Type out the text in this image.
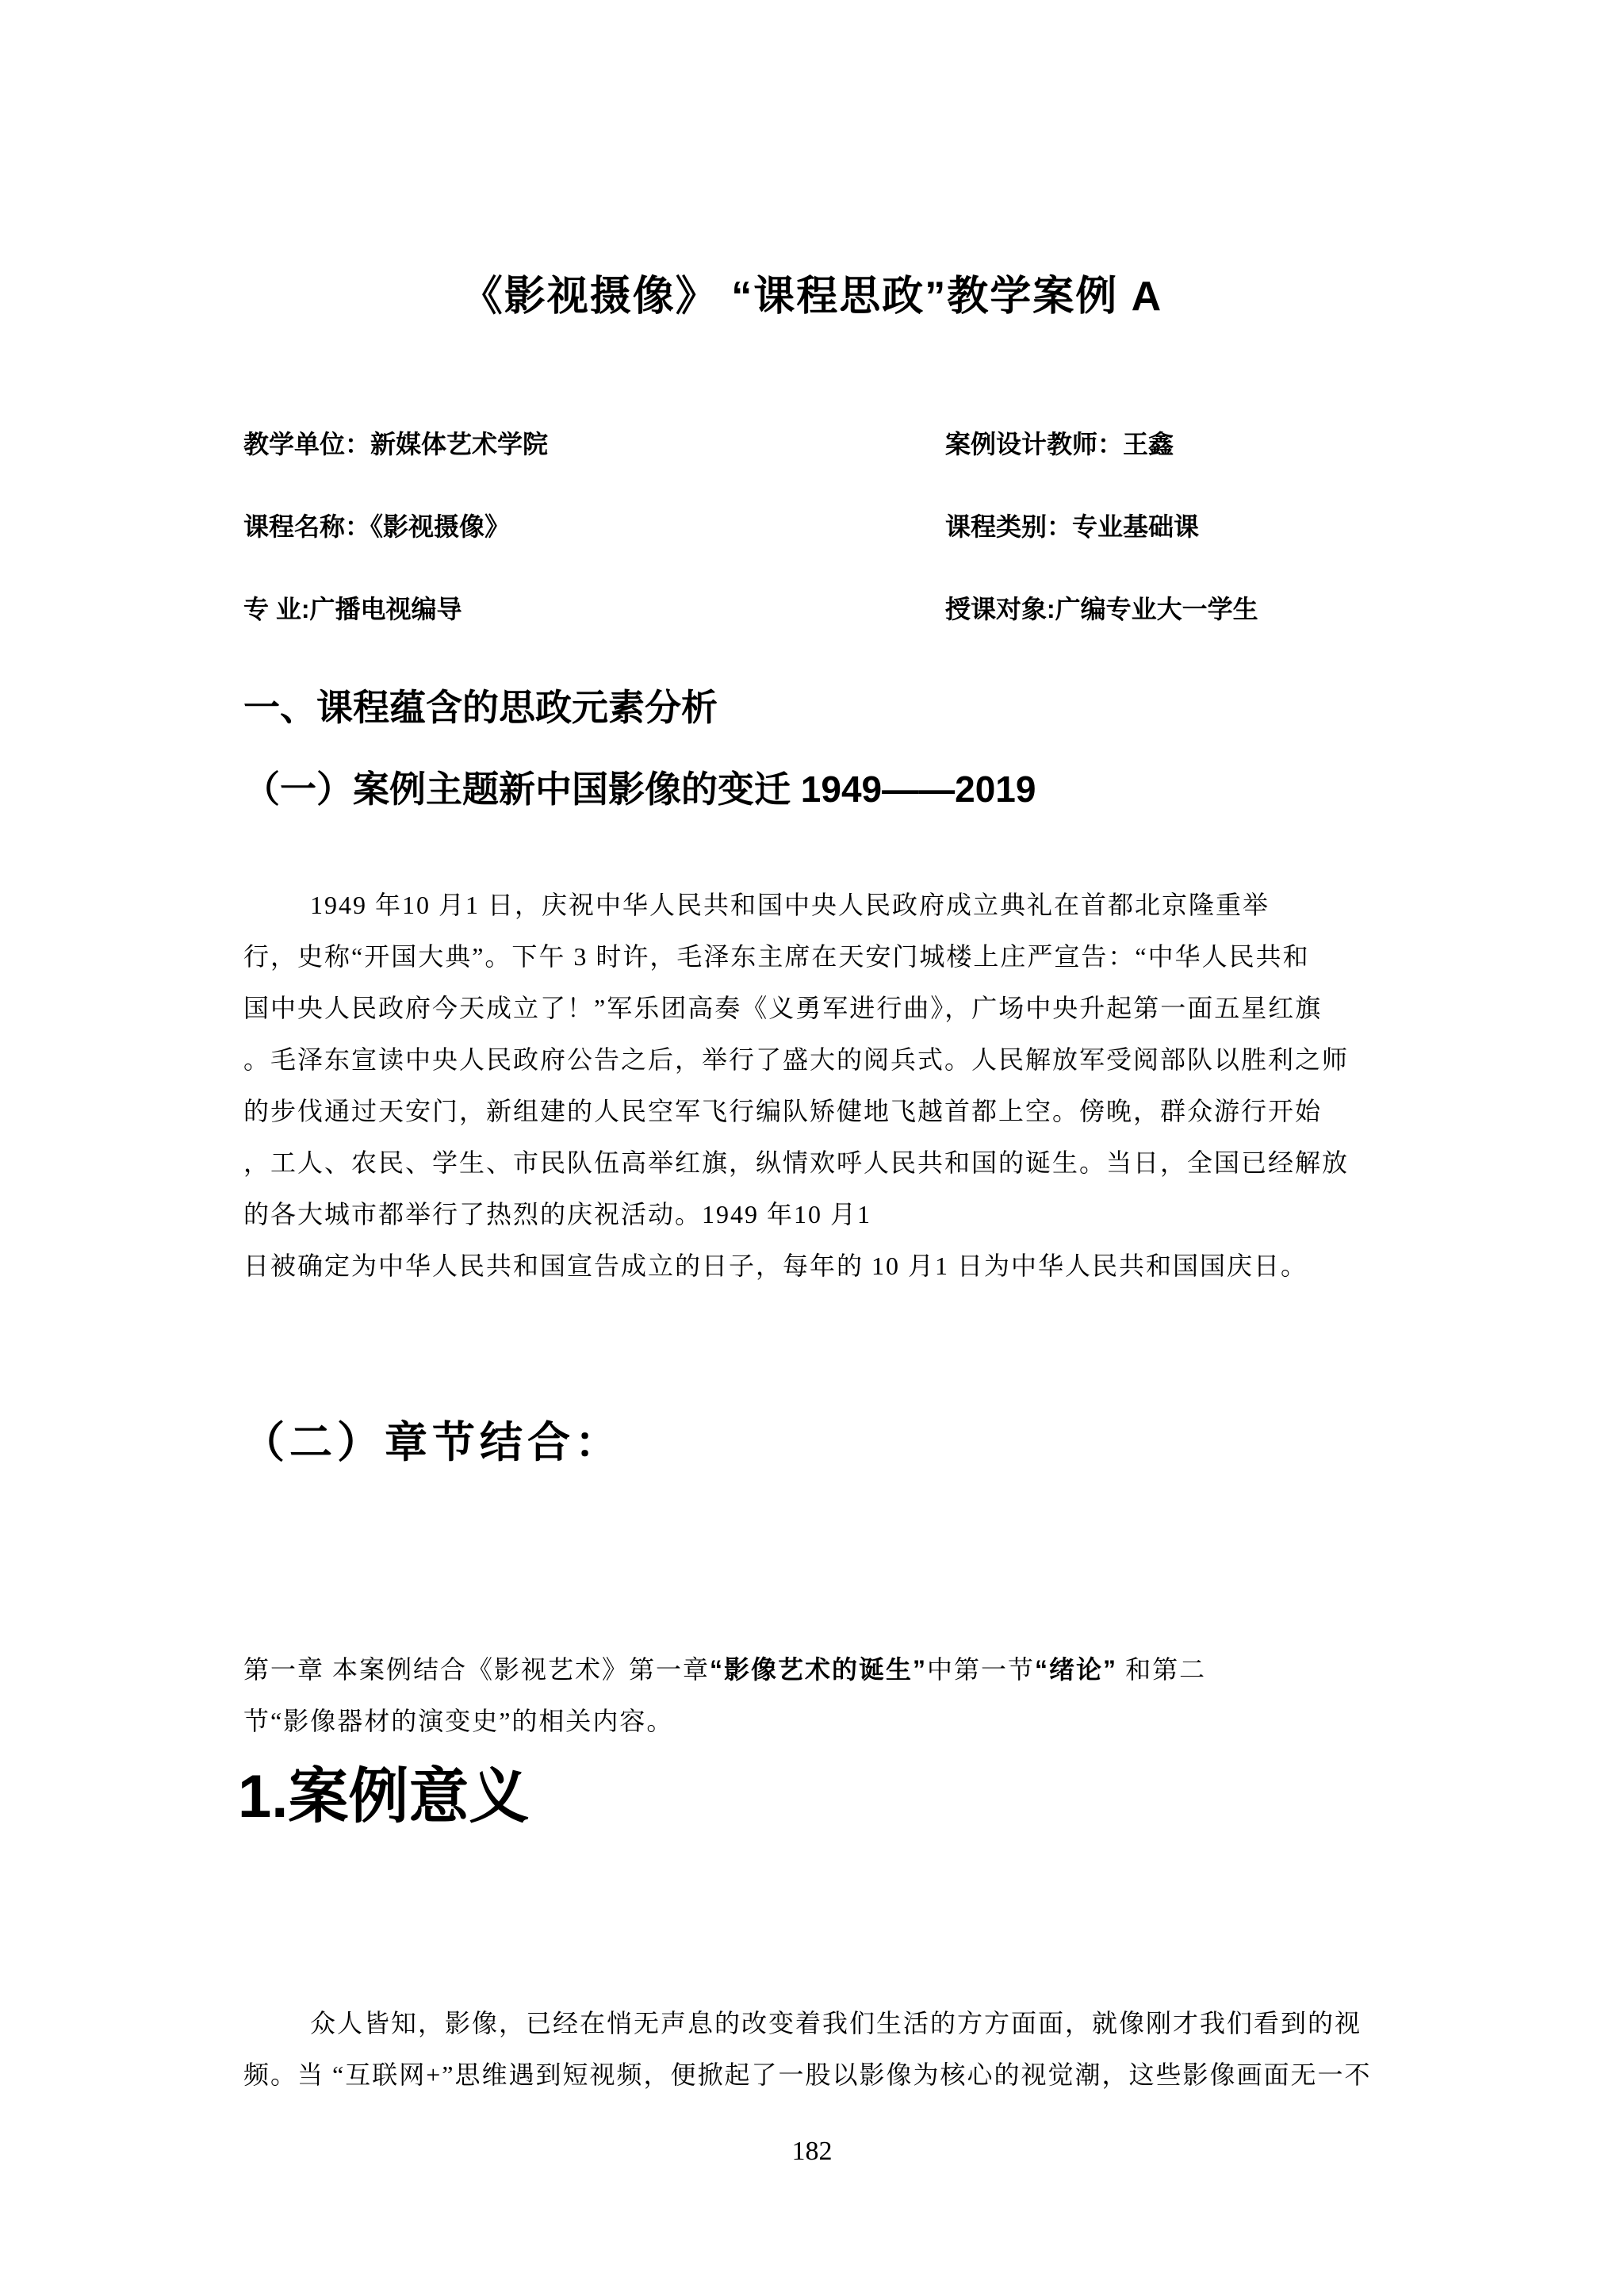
《影视摄像》 “课程思政”教学案例 A
教学单位：新媒体艺术学院	案例设计教师：王鑫
课程名称：《影视摄像》	课程类别：专业基础课
专 业:广播电视编导	授课对象:广编专业大一学生
一、课程蕴含的思政元素分析
（一）案例主题新中国影像的变迁 1949——2019
1949 年10 月1 日，庆祝中华人民共和国中央人民政府成立典礼在首都北京隆重举
行，史称“开国大典”。下午 3 时许，毛泽东主席在天安门城楼上庄严宣告：“中华人民共和
国中央人民政府今天成立了！”军乐团高奏《义勇军进行曲》，广场中央升起第一面五星红旗
。毛泽东宣读中央人民政府公告之后，举行了盛大的阅兵式。人民解放军受阅部队以胜利之师
的步伐通过天安门，新组建的人民空军飞行编队矫健地飞越首都上空。傍晚，群众游行开始
，工人、农民、学生、市民队伍高举红旗，纵情欢呼人民共和国的诞生。当日，全国已经解放
的各大城市都举行了热烈的庆祝活动。1949 年10 月1
日被确定为中华人民共和国宣告成立的日子，每年的 10 月1 日为中华人民共和国国庆日。
（二）章节结合：
第一章 本案例结合《影视艺术》第一章“影像艺术的诞生”中第一节“绪论” 和第二
节“影像器材的演变史”的相关内容。
1.案例意义
众人皆知，影像，已经在悄无声息的改变着我们生活的方方面面，就像刚才我们看到的视
频。当 “互联网+”思维遇到短视频，便掀起了一股以影像为核心的视觉潮，这些影像画面无一不
182
